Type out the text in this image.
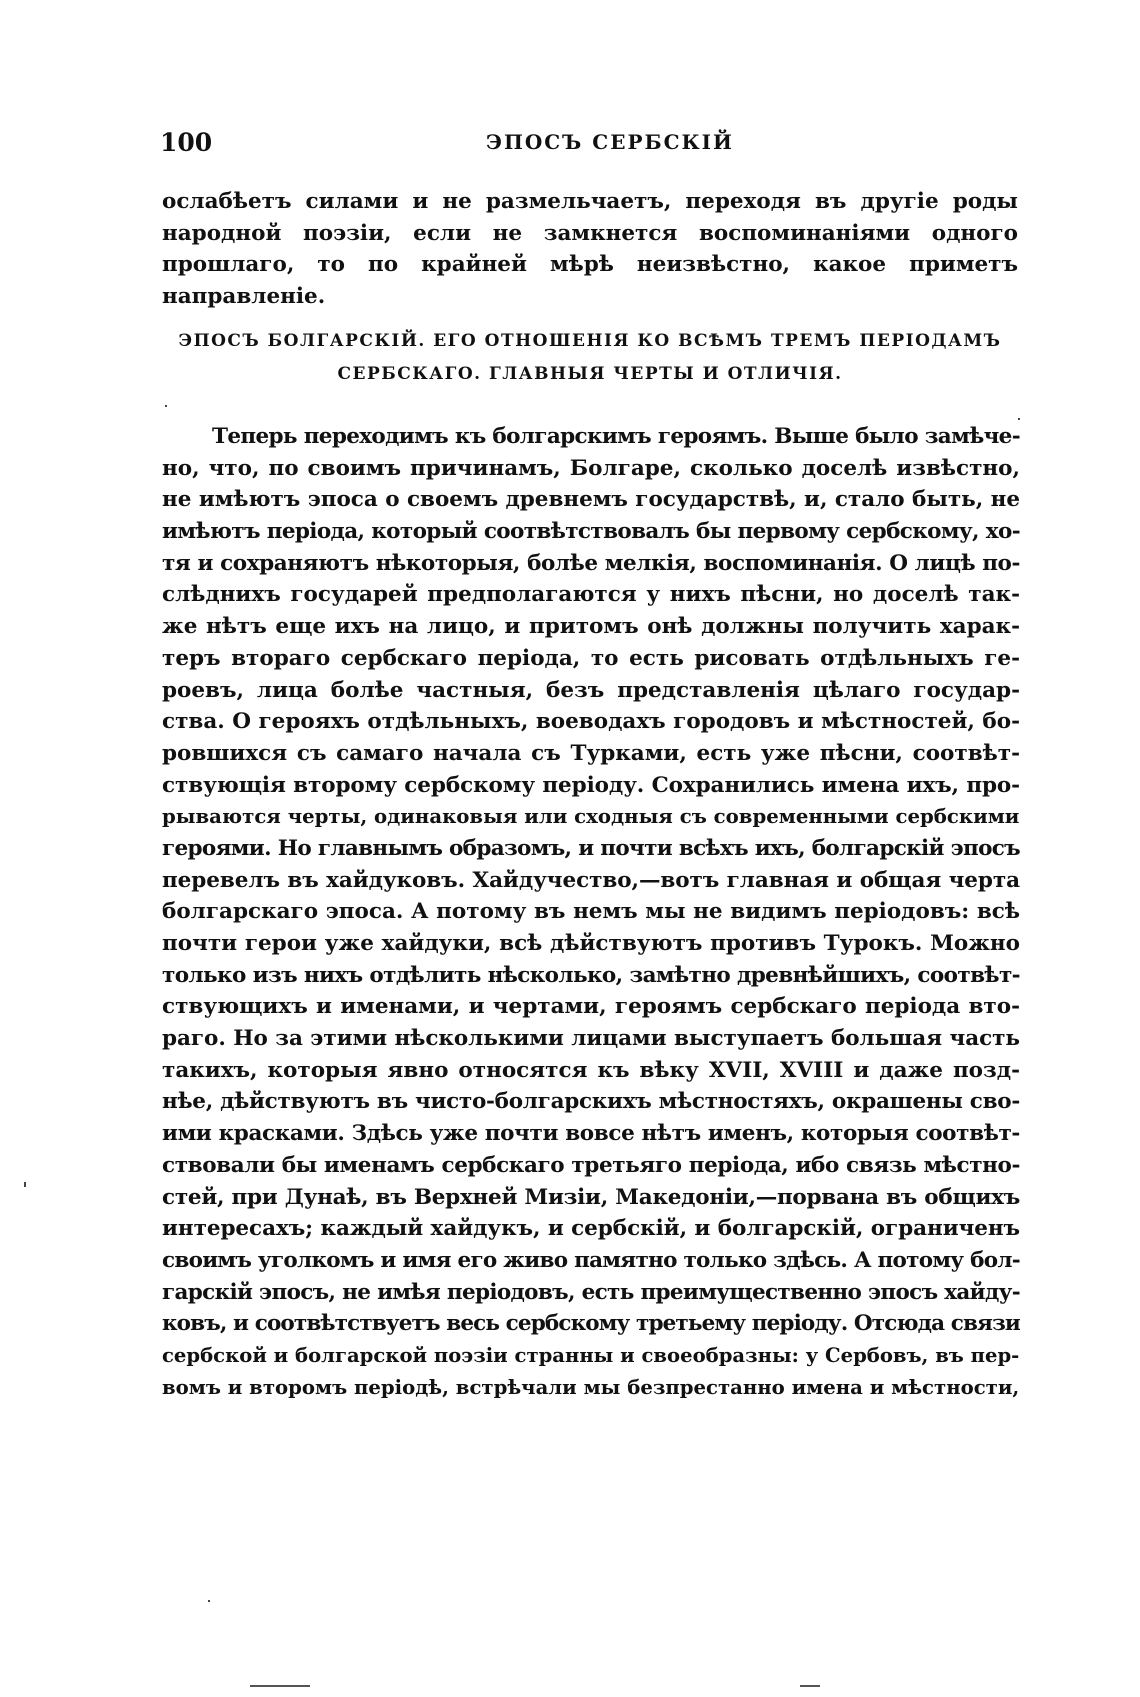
100	ЭПОСЪ СЕРБСКІЙ

ослабѣетъ силами и не размельчаетъ, переходя въ другіе роды народной поэзіи, если не замкнется воспоминаніями одного прошлаго, то по крайней мѣрѣ неизвѣстно, какое приметъ направленіе.

ЭПОСЪ БОЛГАРСКІЙ. ЕГО ОТНОШЕНІЯ КО ВСѢМЪ ТРЕМЪ ПЕРІОДАМЪ
СЕРБСКАГО. ГЛАВНЫЯ ЧЕРТЫ И ОТЛИЧІЯ.
Теперь переходимъ къ болгарскимъ героямъ. Выше было замѣче-
но, что, по своимъ причинамъ, Болгаре, сколько доселѣ извѣстно,
не имѣютъ эпоса о своемъ древнемъ государствѣ, и, стало быть, не
имѣютъ періода, который соотвѣтствовалъ бы первому сербскому, хо-
тя и сохраняютъ нѣкоторыя, болѣе мелкія, воспоминанія. О лицѣ по-
слѣднихъ государей предполагаются у нихъ пѣсни, но доселѣ так-
же нѣтъ еще ихъ на лицо, и притомъ онѣ должны получить харак-
теръ втораго сербскаго періода, то есть рисовать отдѣльныхъ ге-
роевъ, лица болѣе частныя, безъ представленія цѣлаго государ-
ства. О герояхъ отдѣльныхъ, воеводахъ городовъ и мѣстностей, бо-
ровшихся съ самаго начала съ Турками, есть уже пѣсни, соотвѣт-
ствующія второму сербскому періоду. Сохранились имена ихъ, про-
рываются черты, одинаковыя или сходныя съ современными сербскими
героями. Но главнымъ образомъ, и почти всѣхъ ихъ, болгарскій эпосъ
перевелъ въ хайдуковъ. Хайдучество,—вотъ главная и общая черта
болгарскаго эпоса. А потому въ немъ мы не видимъ періодовъ: всѣ
почти герои уже хайдуки, всѣ дѣйствуютъ противъ Турокъ. Можно
только изъ нихъ отдѣлить нѣсколько, замѣтно древнѣйшихъ, соотвѣт-
ствующихъ и именами, и чертами, героямъ сербскаго періода вто-
раго. Но за этими нѣсколькими лицами выступаетъ большая часть
такихъ, которыя явно относятся къ вѣку XVII, XVIII и даже позд-
нѣе, дѣйствуютъ въ чисто-болгарскихъ мѣстностяхъ, окрашены сво-
ими красками. Здѣсь уже почти вовсе нѣтъ именъ, которыя соотвѣт-
ствовали бы именамъ сербскаго третьяго періода, ибо связь мѣстно-
стей, при Дунаѣ, въ Верхней Мизіи, Македоніи,—порвана въ общихъ
интересахъ; каждый хайдукъ, и сербскій, и болгарскій, ограниченъ
своимъ уголкомъ и имя его живо памятно только здѣсь. А потому бол-
гарскій эпосъ, не имѣя періодовъ, есть преимущественно эпосъ хайду-
ковъ, и соотвѣтствуетъ весь сербскому третьему періоду. Отсюда связи
сербской и болгарской поэзіи странны и своеобразны: у Сербовъ, въ пер-
вомъ и второмъ періодѣ, встрѣчали мы безпрестанно имена и мѣстности,
